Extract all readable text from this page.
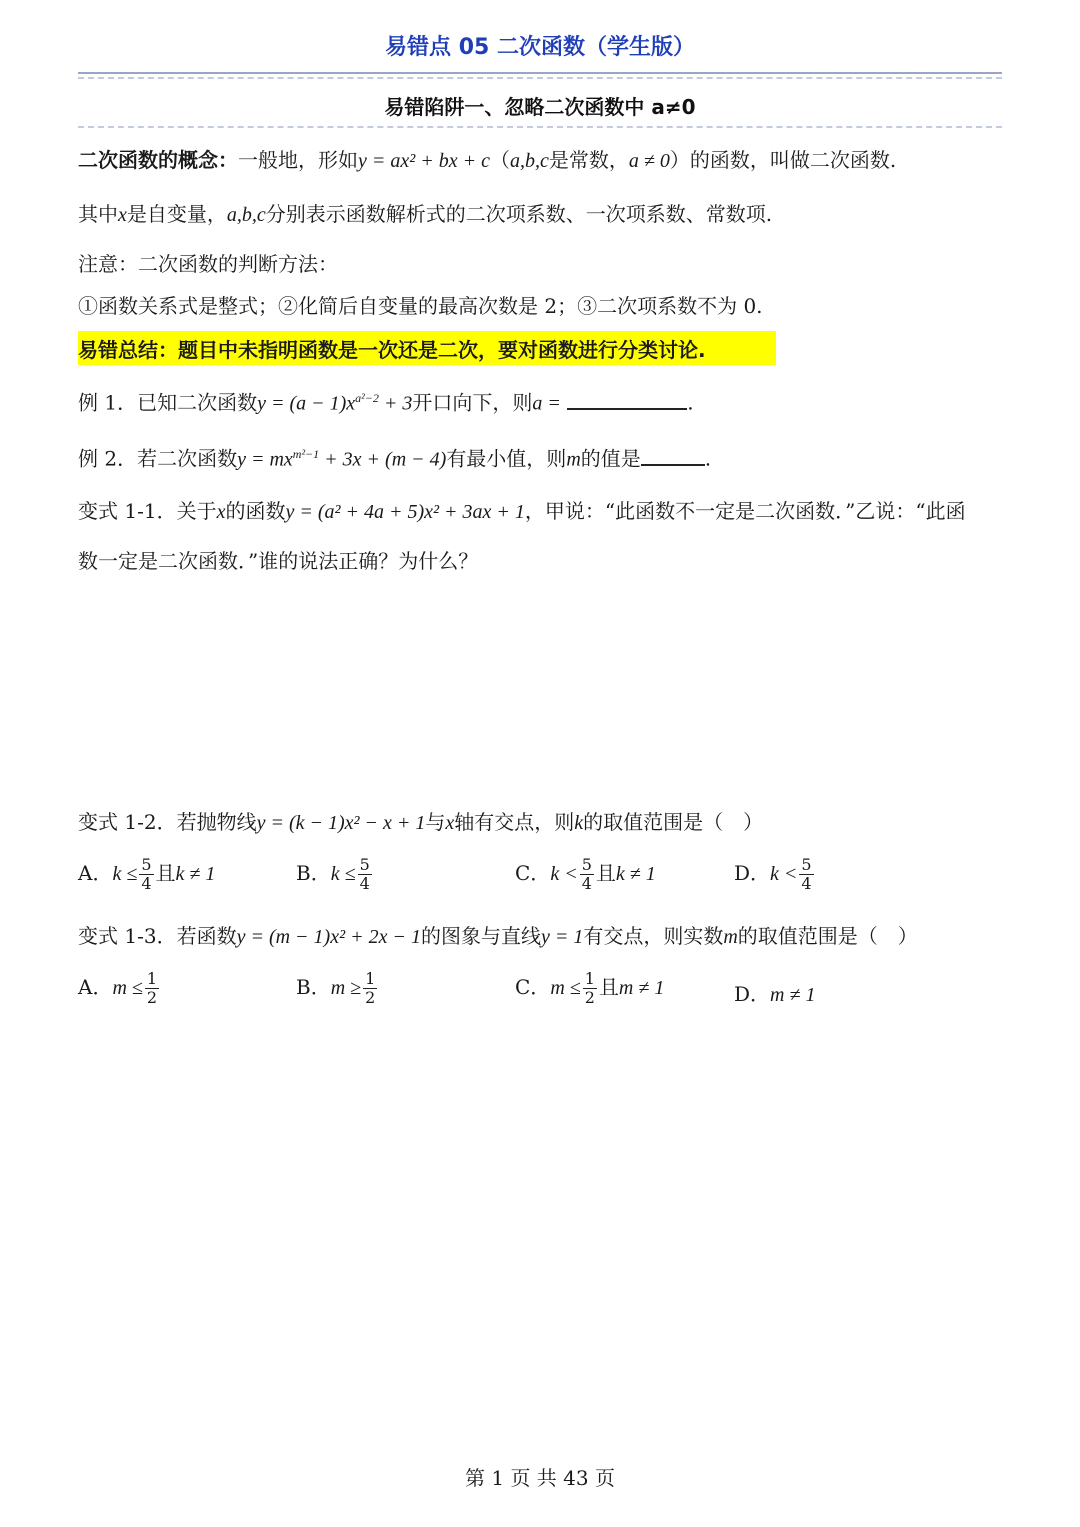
易错点 05 二次函数（学生版）
易错陷阱一、忽略二次函数中 a≠0
二次函数的概念：一般地，形如y = ax² + bx + c（a,b,c是常数，a ≠ 0）的函数，叫做二次函数.
其中x是自变量，a,b,c分别表示函数解析式的二次项系数、一次项系数、常数项.
注意：二次函数的判断方法：
①函数关系式是整式；②化简后自变量的最高次数是 2；③二次项系数不为 0.
易错总结：题目中未指明函数是一次还是二次，要对函数进行分类讨论.
例 1．已知二次函数$y = (a - 1)x^{a^2-2} + 3$开口向下，则a =	.
例 2．若二次函数$y = mx^{m^2-1} + 3x + (m - 4)$有最小值，则m的值是	.
变式 1-1．关于x的函数y = (a² + 4a + 5)x² + 3ax + 1，甲说：“此函数不一定是二次函数．”乙说：“此函
数一定是二次函数．”谁的说法正确？为什么？
变式 1-2．若抛物线y = (k − 1)x² − x + 1与x轴有交点，则k的取值范围是（　）
A．$k \le \frac{5}{4}$ 且k ≠ 1	B．$k \le \frac{5}{4}$	C．$k < \frac{5}{4}$ 且k ≠ 1	D．$k < \frac{5}{4}$
变式 1-3．若函数y = (m − 1)x² + 2x − 1的图象与直线y = 1有交点，则实数m的取值范围是（　）
A．$m \le \frac{1}{2}$	B．$m \ge \frac{1}{2}$	C．$m \le \frac{1}{2}$ 且m ≠ 1	D．m ≠ 1
第 1 页 共 43 页
